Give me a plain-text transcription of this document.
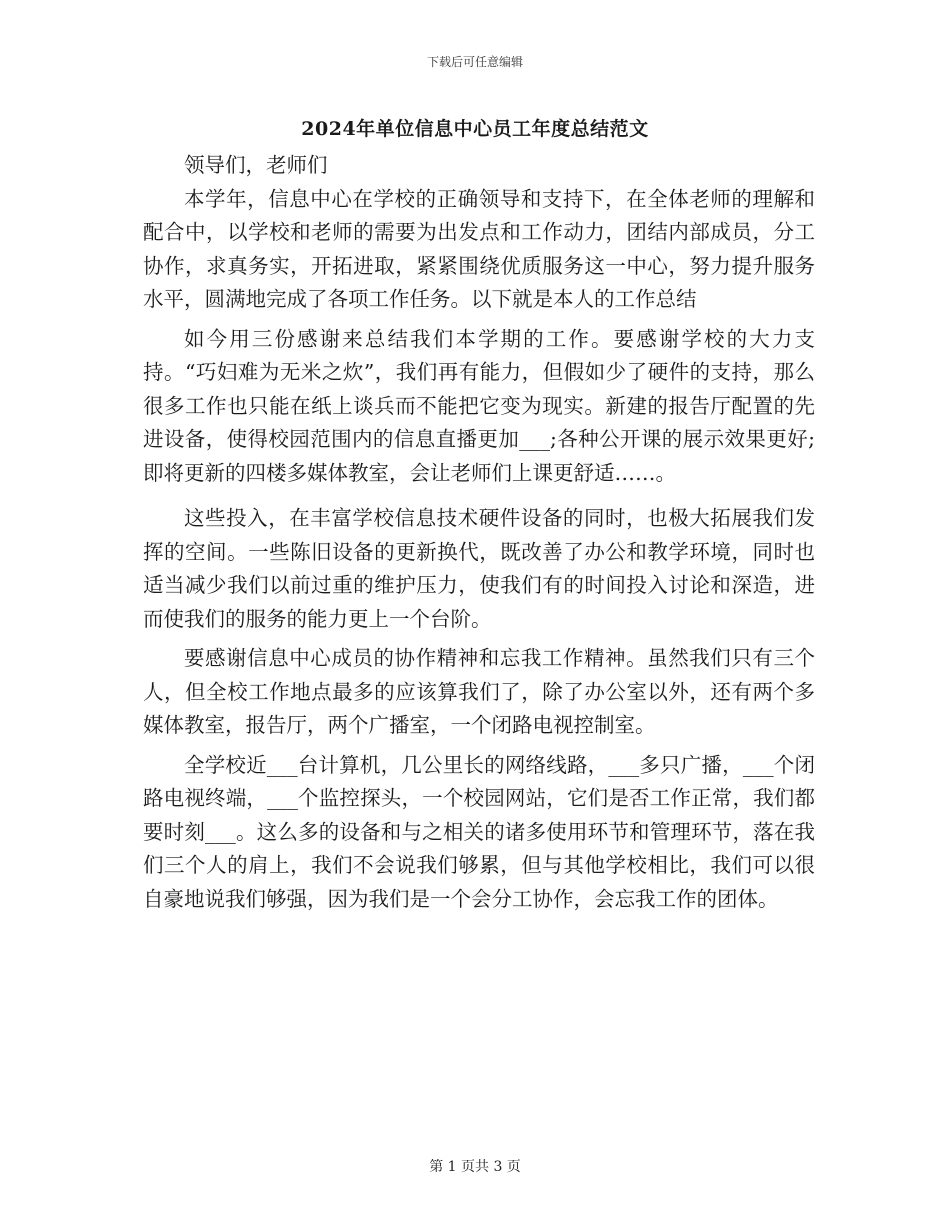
下载后可任意编辑
2024年单位信息中心员工年度总结范文

领导们，老师们

本学年，信息中心在学校的正确领导和支持下，在全体老师的理解和配合中，以学校和老师的需要为出发点和工作动力，团结内部成员，分工协作，求真务实，开拓进取，紧紧围绕优质服务这一中心，努力提升服务水平，圆满地完成了各项工作任务。以下就是本人的工作总结

如今用三份感谢来总结我们本学期的工作。要感谢学校的大力支持。“巧妇难为无米之炊”，我们再有能力，但假如少了硬件的支持，那么很多工作也只能在纸上谈兵而不能把它变为现实。新建的报告厅配置的先进设备，使得校园范围内的信息直播更加___;各种公开课的展示效果更好;即将更新的四楼多媒体教室，会让老师们上课更舒适……。

这些投入，在丰富学校信息技术硬件设备的同时，也极大拓展我们发挥的空间。一些陈旧设备的更新换代，既改善了办公和教学环境，同时也适当减少我们以前过重的维护压力，使我们有的时间投入讨论和深造，进而使我们的服务的能力更上一个台阶。

要感谢信息中心成员的协作精神和忘我工作精神。虽然我们只有三个人，但全校工作地点最多的应该算我们了，除了办公室以外，还有两个多媒体教室，报告厅，两个广播室，一个闭路电视控制室。

全学校近___台计算机，几公里长的网络线路，___多只广播，___个闭路电视终端，___个监控探头，一个校园网站，它们是否工作正常，我们都要时刻___。这么多的设备和与之相关的诸多使用环节和管理环节，落在我们三个人的肩上，我们不会说我们够累，但与其他学校相比，我们可以很自豪地说我们够强，因为我们是一个会分工协作，会忘我工作的团体。

第 1 页共 3 页
